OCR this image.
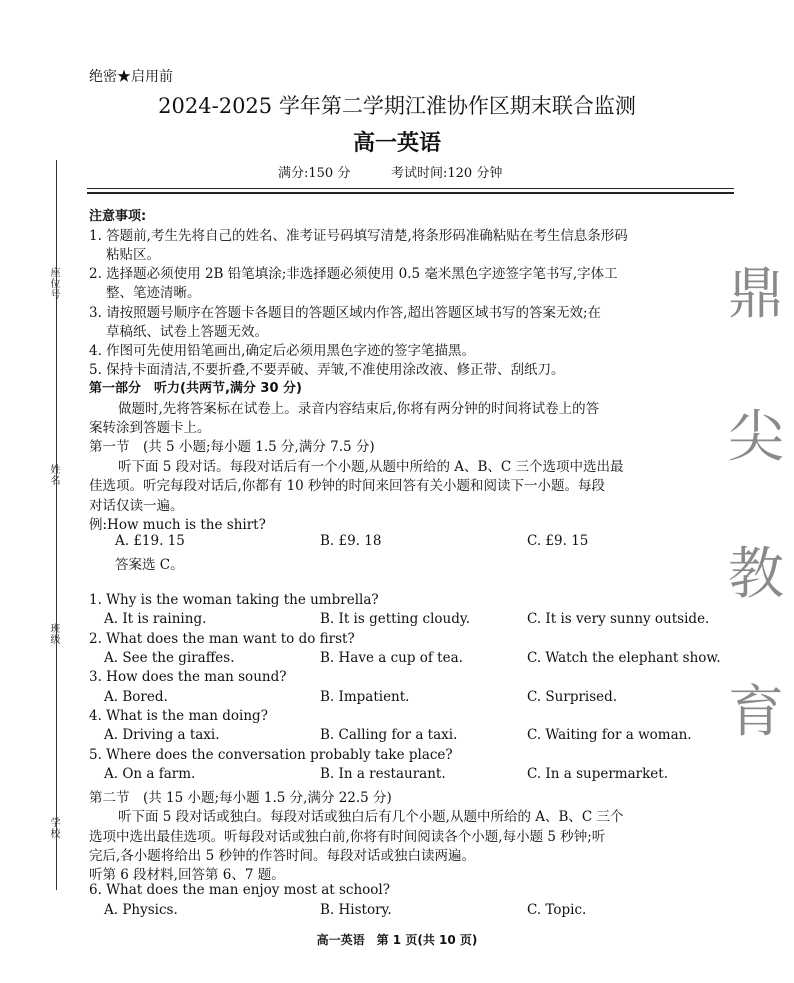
座位号
姓名
班级
学校
鼎
尖
教
育
绝密★启用前
2024-2025 学年第二学期江淮协作区期末联合监测
高一英语
满分:150 分	考试时间:120 分钟
注意事项:
1. 答题前,考生先将自己的姓名、准考证号码填写清楚,将条形码准确粘贴在考生信息条形码
粘贴区。
2. 选择题必须使用 2B 铅笔填涂;非选择题必须使用 0.5 毫米黑色字迹签字笔书写,字体工
整、笔迹清晰。
3. 请按照题号顺序在答题卡各题目的答题区域内作答,超出答题区域书写的答案无效;在
草稿纸、试卷上答题无效。
4. 作图可先使用铅笔画出,确定后必须用黑色字迹的签字笔描黑。
5. 保持卡面清洁,不要折叠,不要弄破、弄皱,不准使用涂改液、修正带、刮纸刀。
第一部分　听力(共两节,满分 30 分)
做题时,先将答案标在试卷上。录音内容结束后,你将有两分钟的时间将试卷上的答
案转涂到答题卡上。
第一节　(共 5 小题;每小题 1.5 分,满分 7.5 分)
听下面 5 段对话。每段对话后有一个小题,从题中所给的 A、B、C 三个选项中选出最
佳选项。听完每段对话后,你都有 10 秒钟的时间来回答有关小题和阅读下一小题。每段
对话仅读一遍。
例:How much is the shirt?
A. £19. 15	B. £9. 18	C. £9. 15
答案选 C。
1. Why is the woman taking the umbrella?
A. It is raining.	B. It is getting cloudy.	C. It is very sunny outside.
2. What does the man want to do first?
A. See the giraffes.	B. Have a cup of tea.	C. Watch the elephant show.
3. How does the man sound?
A. Bored.	B. Impatient.	C. Surprised.
4. What is the man doing?
A. Driving a taxi.	B. Calling for a taxi.	C. Waiting for a woman.
5. Where does the conversation probably take place?
A. On a farm.	B. In a restaurant.	C. In a supermarket.
第二节　(共 15 小题;每小题 1.5 分,满分 22.5 分)
听下面 5 段对话或独白。每段对话或独白后有几个小题,从题中所给的 A、B、C 三个
选项中选出最佳选项。听每段对话或独白前,你将有时间阅读各个小题,每小题 5 秒钟;听
完后,各小题将给出 5 秒钟的作答时间。每段对话或独白读两遍。
听第 6 段材料,回答第 6、7 题。
6. What does the man enjoy most at school?
A. Physics.	B. History.	C. Topic.
高一英语　第 1 页(共 10 页)
